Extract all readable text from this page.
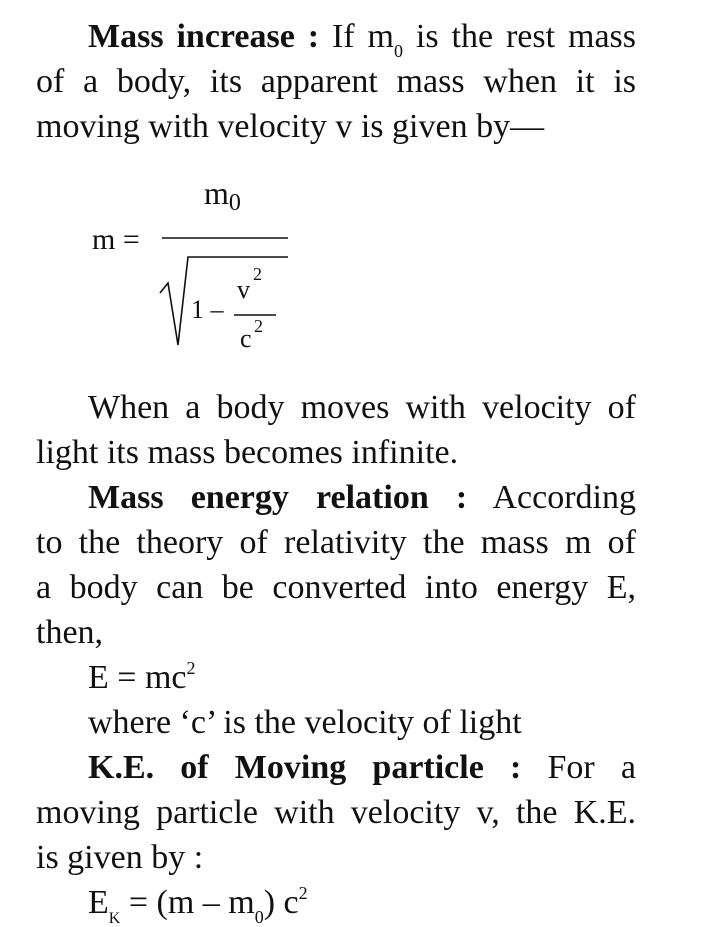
Mass increase : If $m_0$ is the rest mass
of a body, its apparent mass when it is
moving with velocity v is given by—
m =
m0
1 –
v
2
c 2
When a body moves with velocity of
light its mass becomes infinite.
Mass energy relation : According
to the theory of relativity the mass m of
a body can be converted into energy E,
then,
$E = mc^2$
where ‘c’ is the velocity of light
K.E. of Moving particle : For a
moving particle with velocity v, the K.E.
is given by :
$E_K = (m - m_0)$ $c^2$
